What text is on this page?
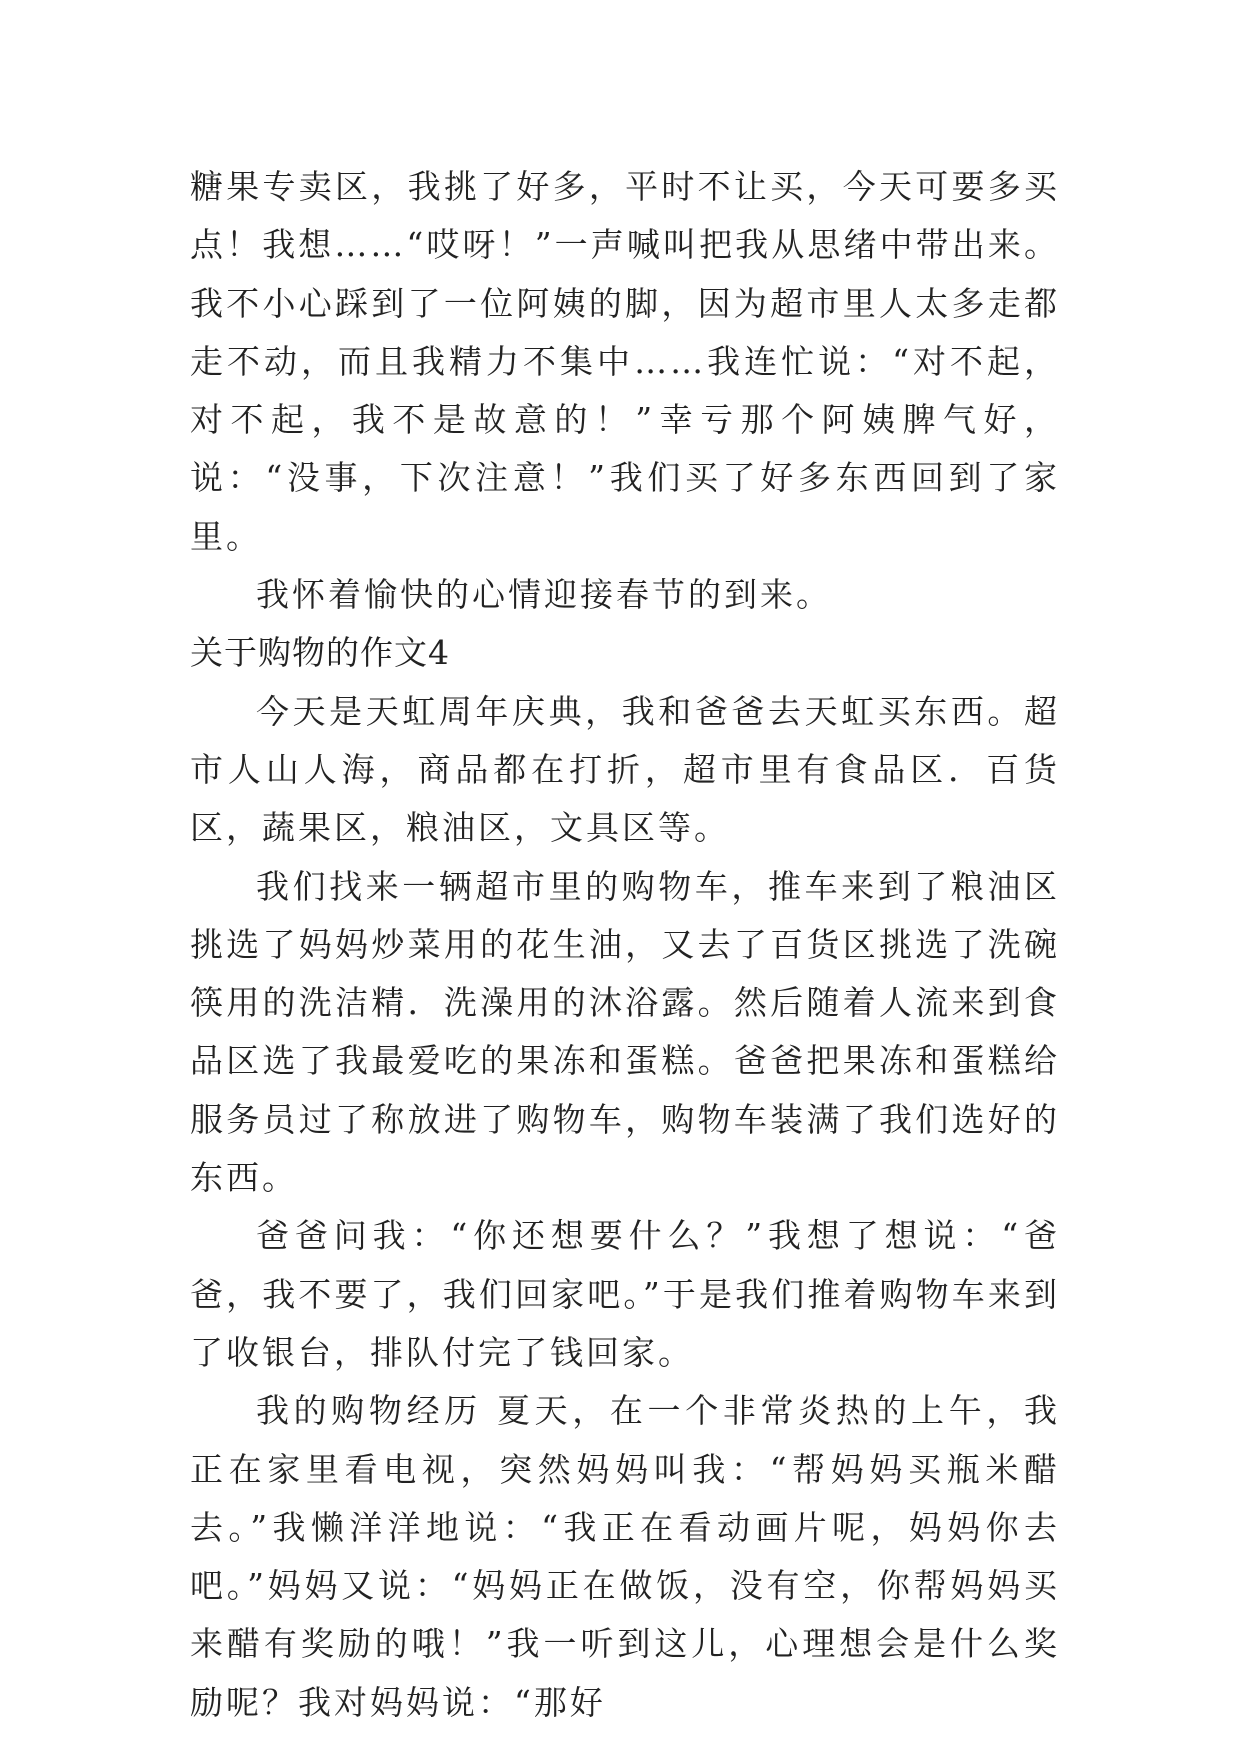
糖果专卖区，我挑了好多，平时不让买，今天可要多买点！我想……“哎呀！”一声喊叫把我从思绪中带出来。我不小心踩到了一位阿姨的脚，因为超市里人太多走都走不动，而且我精力不集中……我连忙说：“对不起，对不起，我不是故意的！”幸亏那个阿姨脾气好，说：“没事，下次注意！”我们买了好多东西回到了家里。

我怀着愉快的心情迎接春节的到来。

关于购物的作文4

今天是天虹周年庆典，我和爸爸去天虹买东西。超市人山人海，商品都在打折，超市里有食品区．百货区，蔬果区，粮油区，文具区等。

我们找来一辆超市里的购物车，推车来到了粮油区挑选了妈妈炒菜用的花生油，又去了百货区挑选了洗碗筷用的洗洁精．洗澡用的沐浴露。然后随着人流来到食品区选了我最爱吃的果冻和蛋糕。爸爸把果冻和蛋糕给服务员过了称放进了购物车，购物车装满了我们选好的东西。

爸爸问我：“你还想要什么？”我想了想说：“爸爸，我不要了，我们回家吧。”于是我们推着购物车来到了收银台，排队付完了钱回家。

我的购物经历 夏天，在一个非常炎热的上午，我正在家里看电视，突然妈妈叫我：“帮妈妈买瓶米醋去。”我懒洋洋地说：“我正在看动画片呢，妈妈你去吧。”妈妈又说：“妈妈正在做饭，没有空，你帮妈妈买来醋有奖励的哦！”我一听到这儿，心理想会是什么奖励呢？我对妈妈说：“那好
